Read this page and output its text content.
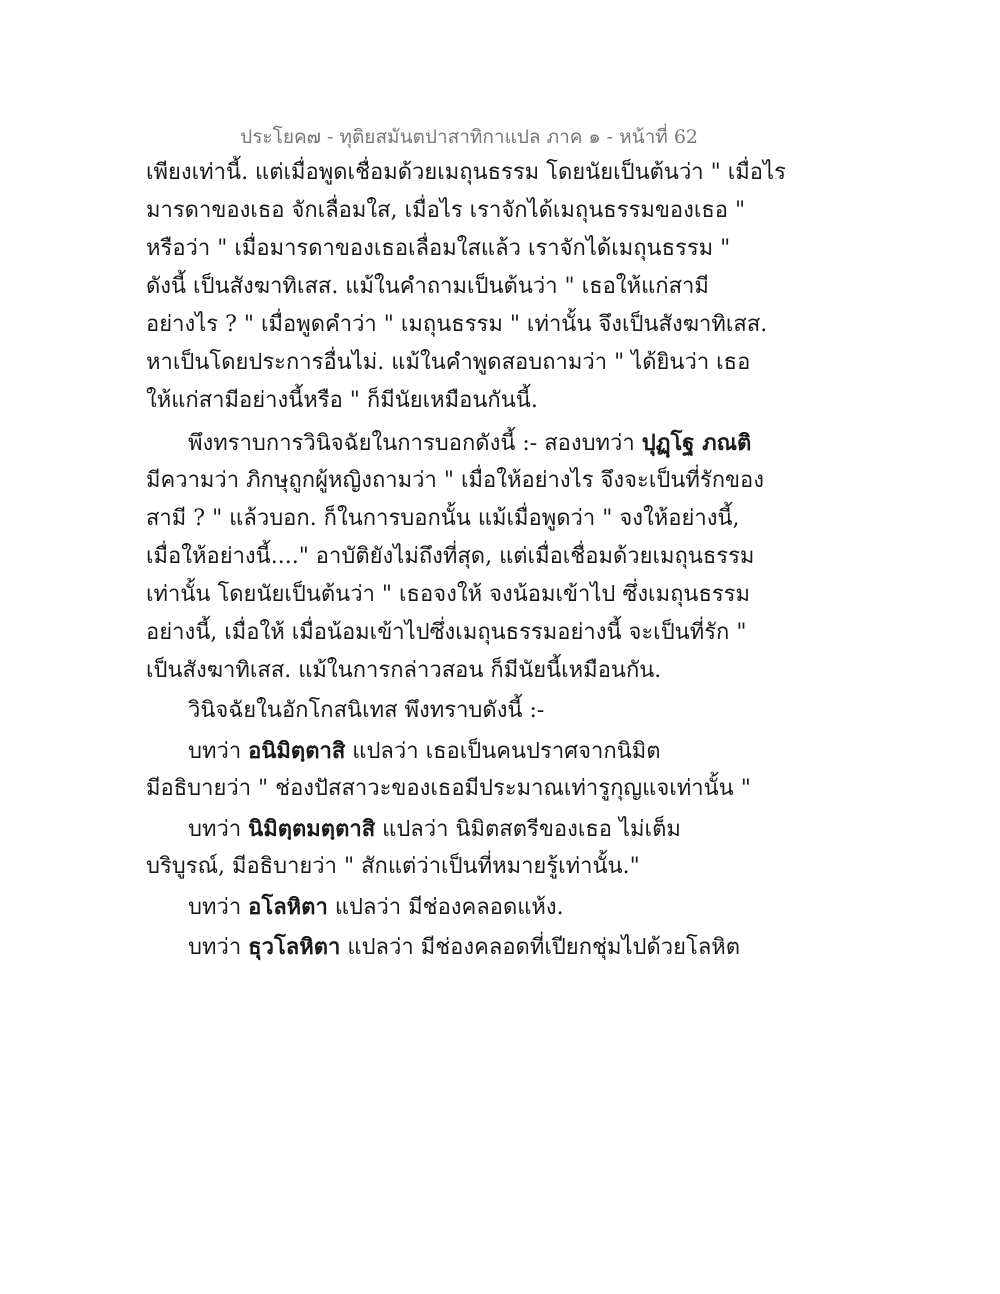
ประโยค๗ - ทุติยสมันตปาสาทิกาแปล ภาค ๑ - หน้าที่ 62
เพียงเท่านี้. แต่เมื่อพูดเชื่อมด้วยเมถุนธรรม โดยนัยเป็นต้นว่า " เมื่อไร
มารดาของเธอ จักเลื่อมใส, เมื่อไร เราจักได้เมถุนธรรมของเธอ "
หรือว่า " เมื่อมารดาของเธอเลื่อมใสแล้ว เราจักได้เมถุนธรรม "
ดังนี้ เป็นสังฆาทิเสส. แม้ในคำถามเป็นต้นว่า " เธอให้แก่สามี
อย่างไร ? " เมื่อพูดคำว่า " เมถุนธรรม " เท่านั้น จึงเป็นสังฆาทิเสส.
หาเป็นโดยประการอื่นไม่. แม้ในคำพูดสอบถามว่า " ได้ยินว่า เธอ
ให้แก่สามีอย่างนี้หรือ " ก็มีนัยเหมือนกันนี้.
พึงทราบการวินิจฉัยในการบอกดังนี้ :- สองบทว่า ปุฏฺโฐ ภณติ
มีความว่า ภิกษุถูกผู้หญิงถามว่า " เมื่อให้อย่างไร จึงจะเป็นที่รักของ
สามี ? " แล้วบอก. ก็ในการบอกนั้น แม้เมื่อพูดว่า " จงให้อย่างนี้,
เมื่อให้อย่างนี้...." อาบัติยังไม่ถึงที่สุด, แต่เมื่อเชื่อมด้วยเมถุนธรรม
เท่านั้น โดยนัยเป็นต้นว่า " เธอจงให้ จงน้อมเข้าไป ซึ่งเมถุนธรรม
อย่างนี้, เมื่อให้ เมื่อน้อมเข้าไปซึ่งเมถุนธรรมอย่างนี้ จะเป็นที่รัก "
เป็นสังฆาทิเสส. แม้ในการกล่าวสอน ก็มีนัยนี้เหมือนกัน.
วินิจฉัยในอักโกสนิเทส พึงทราบดังนี้ :-
บทว่า อนิมิตฺตาสิ แปลว่า เธอเป็นคนปราศจากนิมิต
มีอธิบายว่า " ช่องปัสสาวะของเธอมีประมาณเท่ารูกุญแจเท่านั้น "
บทว่า นิมิตฺตมตฺตาสิ แปลว่า นิมิตสตรีของเธอ ไม่เต็ม
บริบูรณ์, มีอธิบายว่า " สักแต่ว่าเป็นที่หมายรู้เท่านั้น."
บทว่า อโลหิตา แปลว่า มีช่องคลอดแห้ง.
บทว่า ธุวโลหิตา แปลว่า มีช่องคลอดที่เปียกชุ่มไปด้วยโลหิต
